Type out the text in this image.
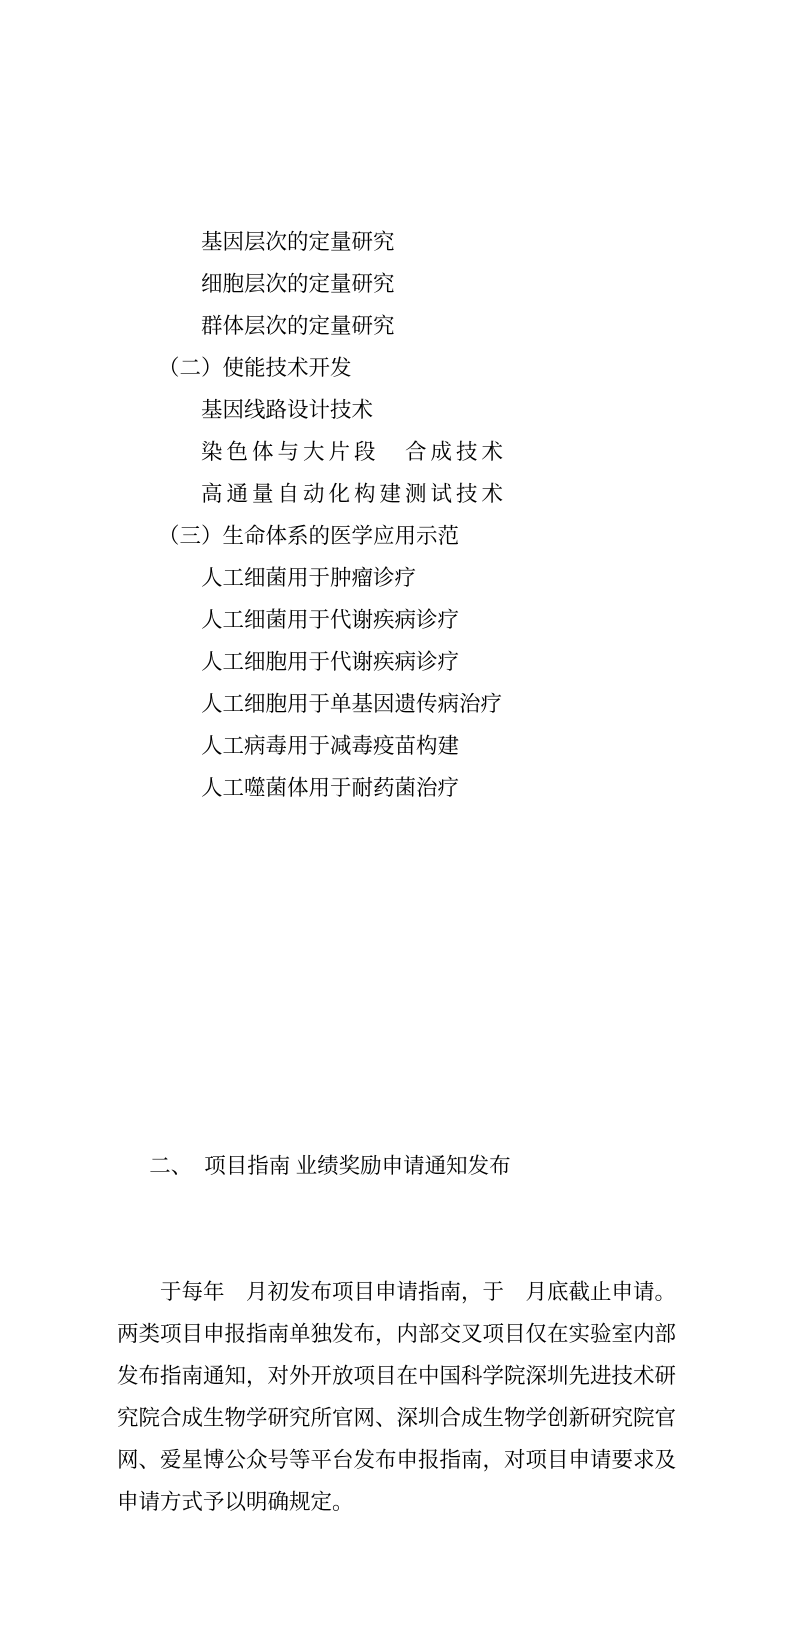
基因层次的定量研究
细胞层次的定量研究
群体层次的定量研究
（二）使能技术开发
基因线路设计技术
染色体与大片段　合成技术
高通量自动化构建测试技术
（三）生命体系的医学应用示范
人工细菌用于肿瘤诊疗
人工细菌用于代谢疾病诊疗
人工细胞用于代谢疾病诊疗
人工细胞用于单基因遗传病治疗
人工病毒用于减毒疫苗构建
人工噬菌体用于耐药菌治疗

二、 项目指南 业绩奖励申请通知发布

于每年　月初发布项目申请指南，于　月底截止申请。
两类项目申报指南单独发布，内部交叉项目仅在实验室内部
发布指南通知，对外开放项目在中国科学院深圳先进技术研
究院合成生物学研究所官网、深圳合成生物学创新研究院官
网、爱星博公众号等平台发布申报指南，对项目申请要求及
申请方式予以明确规定。
